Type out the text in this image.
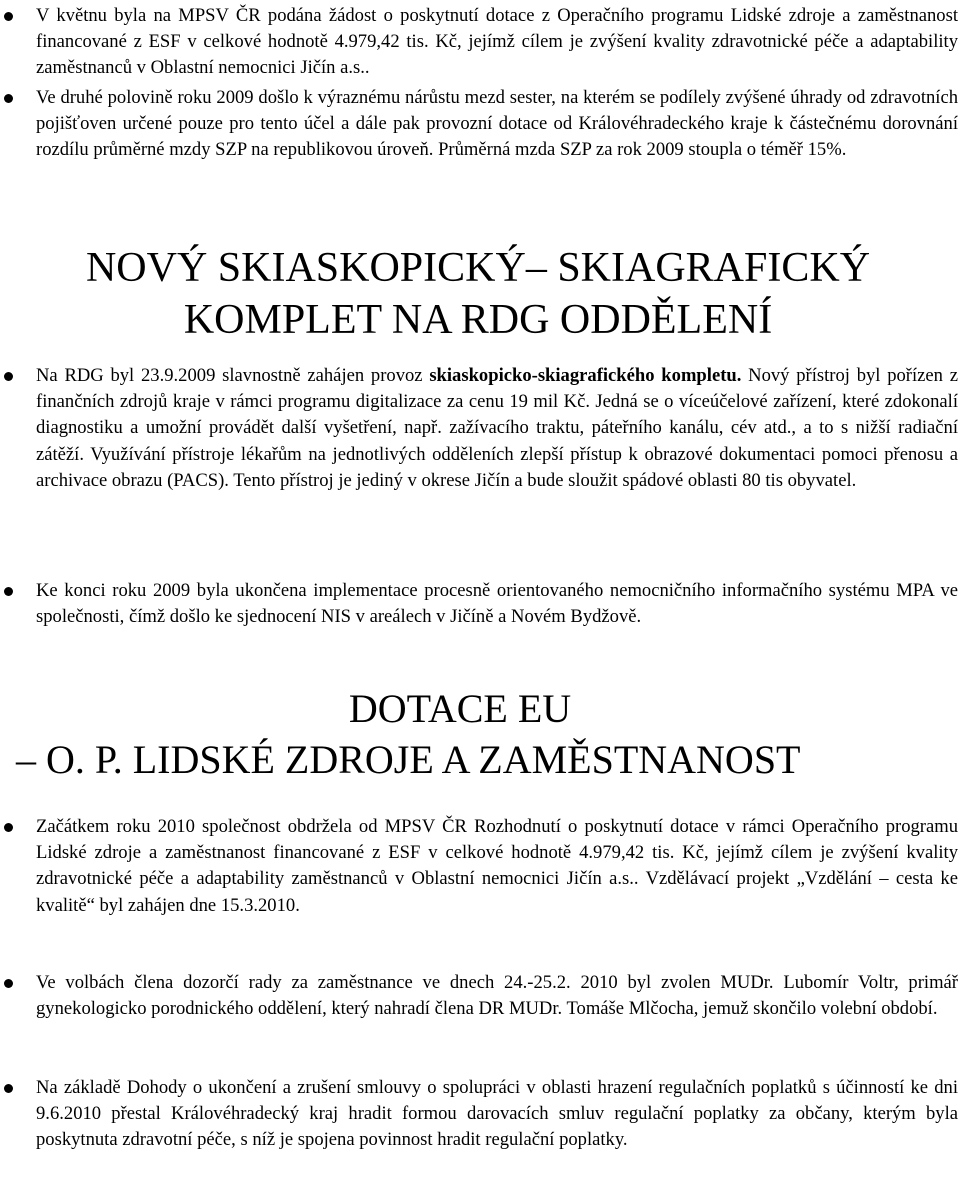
V květnu byla na MPSV ČR podána žádost o poskytnutí dotace z Operačního programu Lidské zdroje a zaměstnanost financované z ESF v celkové hodnotě 4.979,42 tis. Kč, jejímž cílem je zvýšení kvality zdravotnické péče a adaptability zaměstnanců v Oblastní nemocnici Jičín a.s..
Ve druhé polovině roku 2009 došlo k výraznému nárůstu mezd sester, na kterém se podílely zvýšené úhrady od zdravotních pojišťoven určené pouze pro tento účel a dále pak provozní dotace od Královéhradeckého kraje k částečnému dorovnání rozdílu průměrné mzdy SZP na republikovou úroveň. Průměrná mzda SZP za rok 2009 stoupla o téměř 15%.
NOVÝ SKIASKOPICKÝ– SKIAGRAFICKÝ
KOMPLET NA RDG ODDĚLENÍ
Na RDG byl 23.9.2009 slavnostně zahájen provoz skiaskopicko-skiagrafického kompletu. Nový přístroj byl pořízen z finančních zdrojů kraje v rámci programu digitalizace za cenu 19 mil Kč. Jedná se o víceúčelové zařízení, které zdokonalí diagnostiku a umožní provádět další vyšetření, např. zažívacího traktu, páteřního kanálu, cév atd., a to s nižší radiační zátěží. Využívání přístroje lékařům na jednotlivých odděleních zlepší přístup k obrazové dokumentaci pomoci přenosu a archivace obrazu (PACS). Tento přístroj je jediný v okrese Jičín a bude sloužit spádové oblasti 80 tis obyvatel.
Ke konci roku 2009 byla ukončena implementace procesně orientovaného nemocničního informačního systému MPA ve společnosti, čímž došlo ke sjednocení NIS v areálech v Jičíně a Novém Bydžově.
DOTACE EU
– O. P. LIDSKÉ ZDROJE A ZAMĚSTNANOST
Začátkem roku 2010 společnost obdržela od MPSV ČR Rozhodnutí o poskytnutí dotace v rámci Operačního programu Lidské zdroje a zaměstnanost financované z ESF v celkové hodnotě 4.979,42 tis. Kč, jejímž cílem je zvýšení kvality zdravotnické péče a adaptability zaměstnanců v Oblastní nemocnici Jičín a.s.. Vzdělávací projekt „Vzdělání – cesta ke kvalitě“ byl zahájen dne 15.3.2010.
Ve volbách člena dozorčí rady za zaměstnance ve dnech 24.-25.2. 2010 byl zvolen MUDr. Lubomír Voltr, primář gynekologicko porodnického oddělení, který nahradí člena DR MUDr. Tomáše Mlčocha, jemuž skončilo volební období.
Na základě Dohody o ukončení a zrušení smlouvy o spolupráci v oblasti hrazení regulačních poplatků s účinností ke dni 9.6.2010 přestal Královéhradecký kraj hradit formou darovacích smluv regulační poplatky za občany, kterým byla poskytnuta zdravotní péče, s níž je spojena povinnost hradit regulační poplatky.
